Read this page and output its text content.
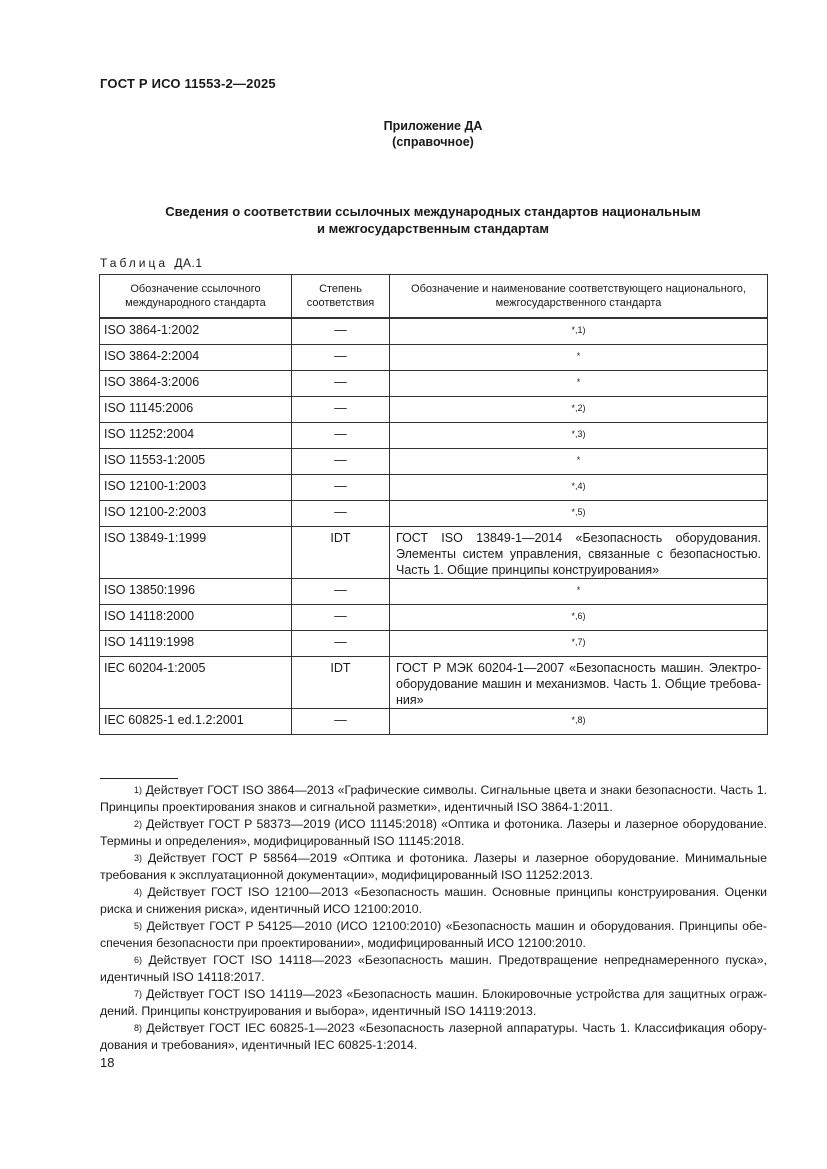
ГОСТ Р ИСО 11553-2—2025
Приложение ДА
(справочное)
Сведения о соответствии ссылочных международных стандартов национальным
и межгосударственным стандартам
Таблица ДА.1
Обозначение ссылочного международного стандарта	Степень соответствия	Обозначение и наименование соответствующего национального, межгосударственного стандарта
ISO 3864-1:2002	—	*,1)
ISO 3864-2:2004	—	*
ISO 3864-3:2006	—	*
ISO 11145:2006	—	*,2)
ISO 11252:2004	—	*,3)
ISO 11553-1:2005	—	*
ISO 12100-1:2003	—	*,4)
ISO 12100-2:2003	—	*,5)
ISO 13849-1:1999	IDT	ГОСТ ISO 13849-1—2014 «Безопасность оборудования. Элементы систем управления, связанные с безопасностью. Часть 1. Общие принципы конструирования»
ISO 13850:1996	—	*
ISO 14118:2000	—	*,6)
ISO 14119:1998	—	*,7)
IEC 60204-1:2005	IDT	ГОСТ Р МЭК 60204-1—2007 «Безопасность машин. Электрооборудование машин и механизмов. Часть 1. Общие требования»
IEC 60825-1 ed.1.2:2001	—	*,8)
$^{1)}$ Действует ГОСТ ISO 3864—2013 «Графические символы. Сигнальные цвета и знаки безопасности. Часть 1. Принципы проектирования знаков и сигнальной разметки», идентичный ISO 3864-1:2011.
$^{2)}$ Действует ГОСТ Р 58373—2019 (ИСО 11145:2018) «Оптика и фотоника. Лазеры и лазерное оборудование. Термины и определения», модифицированный ISO 11145:2018.
$^{3)}$ Действует ГОСТ Р 58564—2019 «Оптика и фотоника. Лазеры и лазерное оборудование. Минимальные требования к эксплуатационной документации», модифицированный ISO 11252:2013.
$^{4)}$ Действует ГОСТ ISO 12100—2013 «Безопасность машин. Основные принципы конструирования. Оценки риска и снижения риска», идентичный ИСО 12100:2010.
$^{5)}$ Действует ГОСТ Р 54125—2010 (ИСО 12100:2010) «Безопасность машин и оборудования. Принципы обеспечения безопасности при проектировании», модифицированный ИСО 12100:2010.
$^{6)}$ Действует ГОСТ ISO 14118—2023 «Безопасность машин. Предотвращение непреднамеренного пуска», идентичный ISO 14118:2017.
$^{7)}$ Действует ГОСТ ISO 14119—2023 «Безопасность машин. Блокировочные устройства для защитных ограждений. Принципы конструирования и выбора», идентичный ISO 14119:2013.
$^{8)}$ Действует ГОСТ IEC 60825-1—2023 «Безопасность лазерной аппаратуры. Часть 1. Классификация оборудования и требования», идентичный IEC 60825-1:2014.
18
